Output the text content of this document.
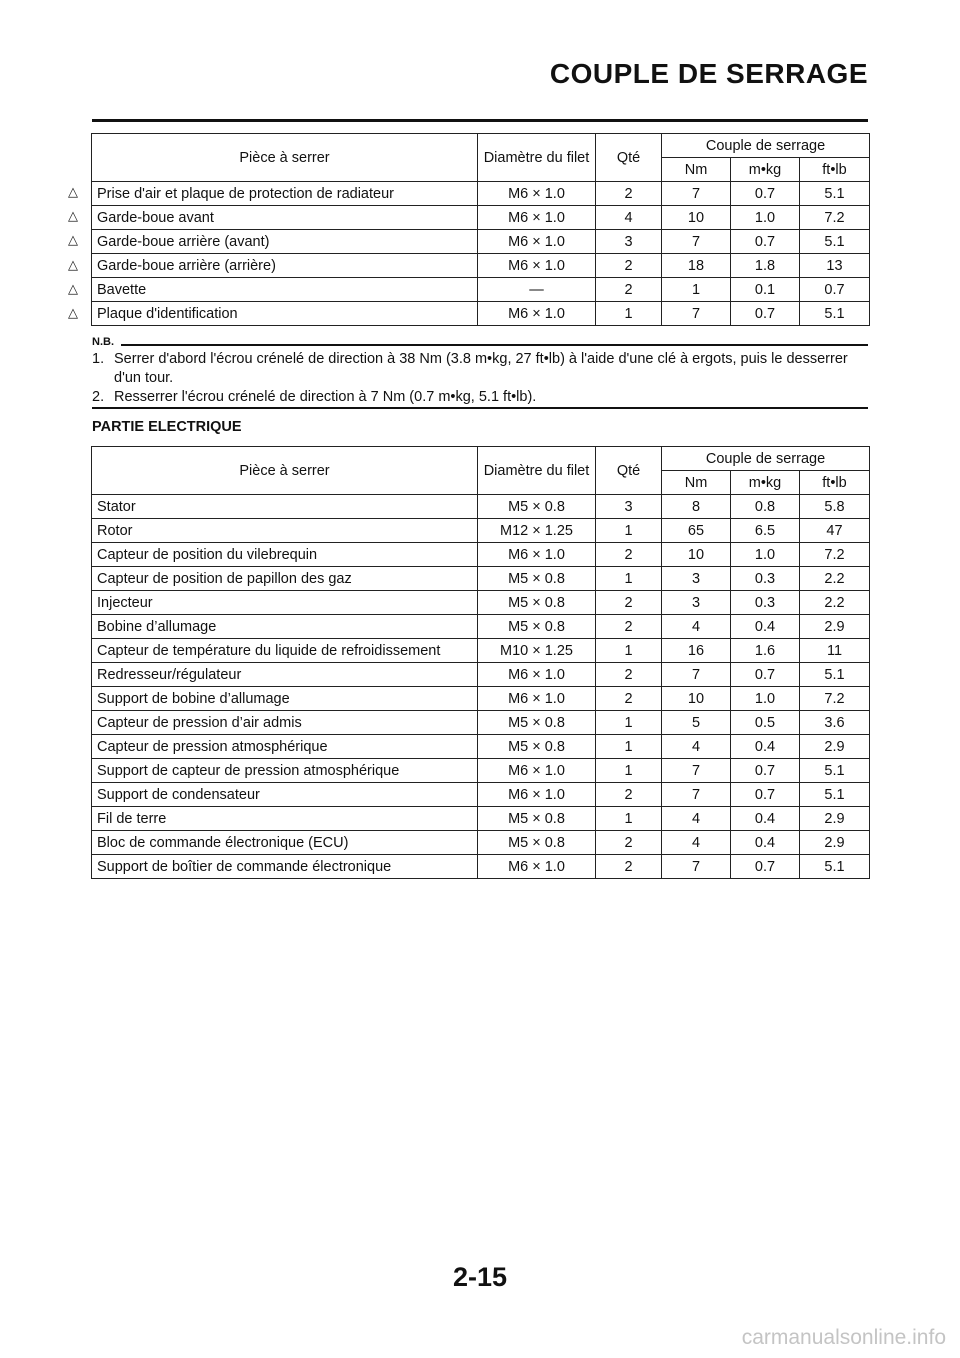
COUPLE DE SERRAGE
Pièce à serrer	Diamètre du filet	Qté	Couple de serrage		
			Nm	m•kg	ft•lb
Prise d'air et plaque de protection de radiateur	M6 × 1.0	2	7	0.7	5.1
Garde-boue avant	M6 × 1.0	4	10	1.0	7.2
Garde-boue arrière (avant)	M6 × 1.0	3	7	0.7	5.1
Garde-boue arrière (arrière)	M6 × 1.0	2	18	1.8	13
Bavette	—	2	1	0.1	0.7
Plaque d'identification	M6 × 1.0	1	7	0.7	5.1
△
△
△
△
△
△
N.B.
1. Serrer d'abord l'écrou crénelé de direction à 38 Nm (3.8 m•kg, 27 ft•lb) à l'aide d'une clé à ergots, puis le desserrer d'un tour.
2. Resserrer l'écrou crénelé de direction à 7 Nm (0.7 m•kg, 5.1 ft•lb).
PARTIE ELECTRIQUE
Pièce à serrer	Diamètre du filet	Qté	Couple de serrage		
			Nm	m•kg	ft•lb
Stator	M5 × 0.8	3	8	0.8	5.8
Rotor	M12 × 1.25	1	65	6.5	47
Capteur de position du vilebrequin	M6 × 1.0	2	10	1.0	7.2
Capteur de position de papillon des gaz	M5 × 0.8	1	3	0.3	2.2
Injecteur	M5 × 0.8	2	3	0.3	2.2
Bobine d’allumage	M5 × 0.8	2	4	0.4	2.9
Capteur de température du liquide de refroidissement	M10 × 1.25	1	16	1.6	11
Redresseur/régulateur	M6 × 1.0	2	7	0.7	5.1
Support de bobine d’allumage	M6 × 1.0	2	10	1.0	7.2
Capteur de pression d’air admis	M5 × 0.8	1	5	0.5	3.6
Capteur de pression atmosphérique	M5 × 0.8	1	4	0.4	2.9
Support de capteur de pression atmosphérique	M6 × 1.0	1	7	0.7	5.1
Support de condensateur	M6 × 1.0	2	7	0.7	5.1
Fil de terre	M5 × 0.8	1	4	0.4	2.9
Bloc de commande électronique (ECU)	M5 × 0.8	2	4	0.4	2.9
Support de boîtier de commande électronique	M6 × 1.0	2	7	0.7	5.1
2-15
carmanualsonline.info
